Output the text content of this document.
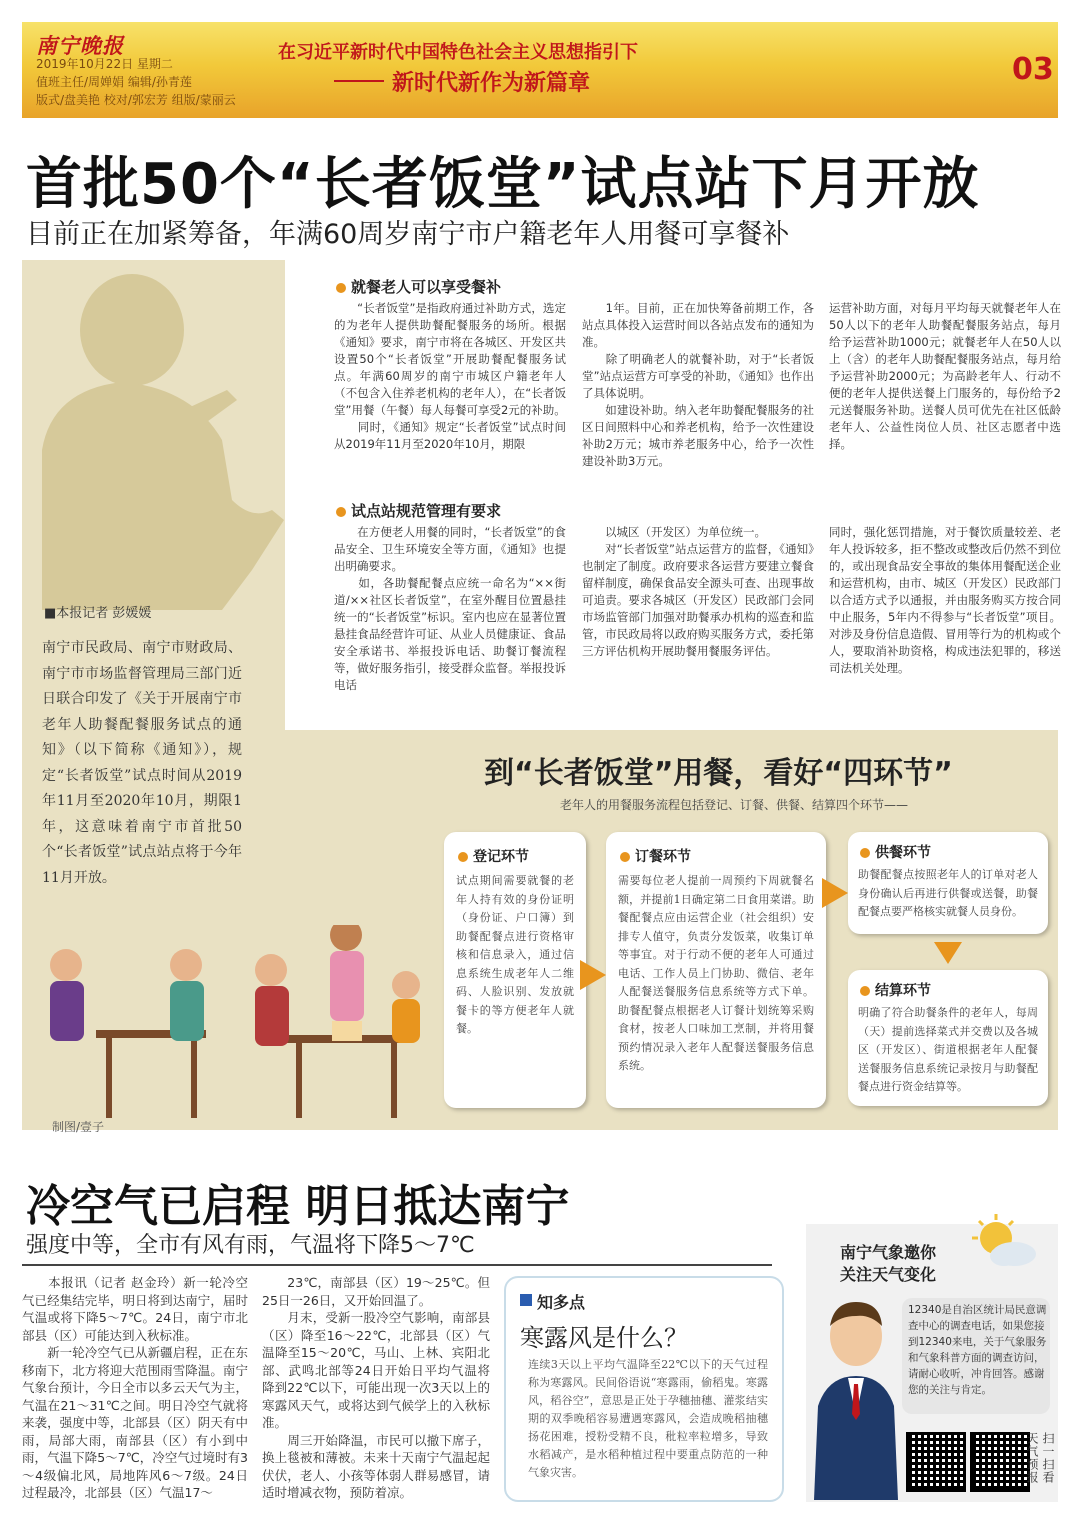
南宁晚报
2019年10月22日 星期二
值班主任/周婵娟 编辑/孙青莲
版式/盘美艳 校对/郭宏芳 组版/蒙丽云
在习近平新时代中国特色社会主义思想指引下
新时代新作为新篇章	03
首批50个“长者饭堂”试点站下月开放
目前正在加紧筹备，年满60周岁南宁市户籍老年人用餐可享餐补
就餐老人可以享受餐补

　　“长者饭堂”是指政府通过补助方式，选定的为老年人提供助餐配餐服务的场所。根据《通知》要求，南宁市将在各城区、开发区共设置50个“长者饭堂”开展助餐配餐服务试点。年满60周岁的南宁市城区户籍老年人（不包含入住养老机构的老年人），在“长者饭堂”用餐（午餐）每人每餐可享受2元的补助。

　　同时，《通知》规定“长者饭堂”试点时间从2019年11月至2020年10月，期限

　　1年。目前，正在加快筹备前期工作，各站点具体投入运营时间以各站点发布的通知为准。

　　除了明确老人的就餐补助，对于“长者饭堂”站点运营方可享受的补助，《通知》也作出了具体说明。

　　如建设补助。纳入老年助餐配餐服务的社区日间照料中心和养老机构，给予一次性建设补助2万元；城市养老服务中心，给予一次性建设补助3万元。

运营补助方面，对每月平均每天就餐老年人在50人以下的老年人助餐配餐服务站点，每月给予运营补助1000元；就餐老年人在50人以上（含）的老年人助餐配餐服务站点，每月给予运营补助2000元；为高龄老年人、行动不便的老年人提供送餐上门服务的，每份给予2元送餐服务补助。送餐人员可优先在社区低龄老年人、公益性岗位人员、社区志愿者中选择。
试点站规范管理有要求

　　在方便老人用餐的同时，“长者饭堂”的食品安全、卫生环境安全等方面，《通知》也提出明确要求。

　　如，各助餐配餐点应统一命名为“××街道/××社区长者饭堂”，在室外醒目位置悬挂统一的“长者饭堂”标识。室内也应在显著位置悬挂食品经营许可证、从业人员健康证、食品安全承诺书、举报投诉电话、助餐订餐流程等，做好服务指引，接受群众监督。举报投诉电话

　　以城区（开发区）为单位统一。

　　对“长者饭堂”站点运营方的监督，《通知》也制定了制度。政府要求各运营方要建立餐食留样制度，确保食品安全源头可查、出现事故可追责。要求各城区（开发区）民政部门会同市场监管部门加强对助餐承办机构的巡查和监管，市民政局将以政府购买服务方式，委托第三方评估机构开展助餐用餐服务评估。

同时，强化惩罚措施，对于餐饮质量较差、老年人投诉较多，拒不整改或整改后仍然不到位的，或出现食品安全事故的集体用餐配送企业和运营机构，由市、城区（开发区）民政部门以合适方式予以通报，并由服务购买方按合同中止服务，5年内不得参与“长者饭堂”项目。对涉及身份信息造假、冒用等行为的机构或个人，要取消补助资格，构成违法犯罪的，移送司法机关处理。
■本报记者 彭媛媛
南宁市民政局、南宁市财政局、南宁市市场监督管理局三部门近日联合印发了《关于开展南宁市老年人助餐配餐服务试点的通知》（以下简称《通知》），规定“长者饭堂”试点时间从2019年11月至2020年10月，期限1年，这意味着南宁市首批50个“长者饭堂”试点站点将于今年11月开放。
制图/壹子
到“长者饭堂”用餐，看好“四环节”
老年人的用餐服务流程包括登记、订餐、供餐、结算四个环节——
登记环节
试点期间需要就餐的老年人持有效的身份证明（身份证、户口簿）到助餐配餐点进行资格审核和信息录入，通过信息系统生成老年人二维码、人脸识别、发放就餐卡的等方便老年人就餐。
订餐环节
需要每位老人提前一周预约下周就餐名额，并提前1日确定第二日食用菜谱。助餐配餐点应由运营企业（社会组织）安排专人值守，负责分发饭菜，收集订单等事宜。对于行动不便的老年人可通过电话、工作人员上门协助、微信、老年人配餐送餐服务信息系统等方式下单。助餐配餐点根据老人订餐计划统筹采购食材，按老人口味加工烹制，并将用餐预约情况录入老年人配餐送餐服务信息系统。
供餐环节
助餐配餐点按照老年人的订单对老人身份确认后再进行供餐或送餐，助餐配餐点要严格核实就餐人员身份。
结算环节
明确了符合助餐条件的老年人，每周（天）提前选择菜式并交费以及各城区（开发区）、街道根据老年人配餐送餐服务信息系统记录按月与助餐配餐点进行资金结算等。
冷空气已启程 明日抵达南宁
强度中等，全市有风有雨，气温将下降5～7℃

　　本报讯（记者 赵金玲）新一轮冷空气已经集结完毕，明日将到达南宁，届时气温或将下降5～7℃。24日，南宁市北部县（区）可能达到入秋标准。

　　新一轮冷空气已从新疆启程，正在东移南下，北方将迎大范围雨雪降温。南宁气象台预计，今日全市以多云天气为主，气温在21～31℃之间。明日冷空气就将来袭，强度中等，北部县（区）阴天有中雨，局部大雨，南部县（区）有小到中雨，气温下降5～7℃，冷空气过境时有3～4级偏北风，局地阵风6～7级。24日过程最冷，北部县（区）气温17～

　　23℃，南部县（区）19～25℃。但25日一26日，又开始回温了。

　　月末，受新一股冷空气影响，南部县（区）降至16～22℃，北部县（区）气温降至15～20℃，马山、上林、宾阳北部、武鸣北部等24日开始日平均气温将降到22℃以下，可能出现一次3天以上的寒露风天气，或将达到气候学上的入秋标准。

　　周三开始降温，市民可以撤下席子，换上毯被和薄被。未来十天南宁气温起起伏伏，老人、小孩等体弱人群易感冒，请适时增减衣物，预防着凉。

知多点
寒露风是什么？
连续3天以上平均气温降至22℃以下的天气过程称为寒露风。民间俗语说“寒露雨，偷稻鬼。寒露风，稻谷空”，意思是正处于孕穗抽穗、灌浆结实期的双季晚稻容易遭遇寒露风，会造成晚稻抽穗扬花困难，授粉受精不良，秕粒率粒增多，导致水稻减产，是水稻种植过程中要重点防范的一种气象灾害。
南宁气象邀你
关注天气变化
12340是自治区统计局民意调查中心的调查电话，如果您接到12340来电，关于气象服务和气象科普方面的调查访问，请耐心收听，冲肯回答。感谢您的关注与肯定。
天气预报 扫一扫看
